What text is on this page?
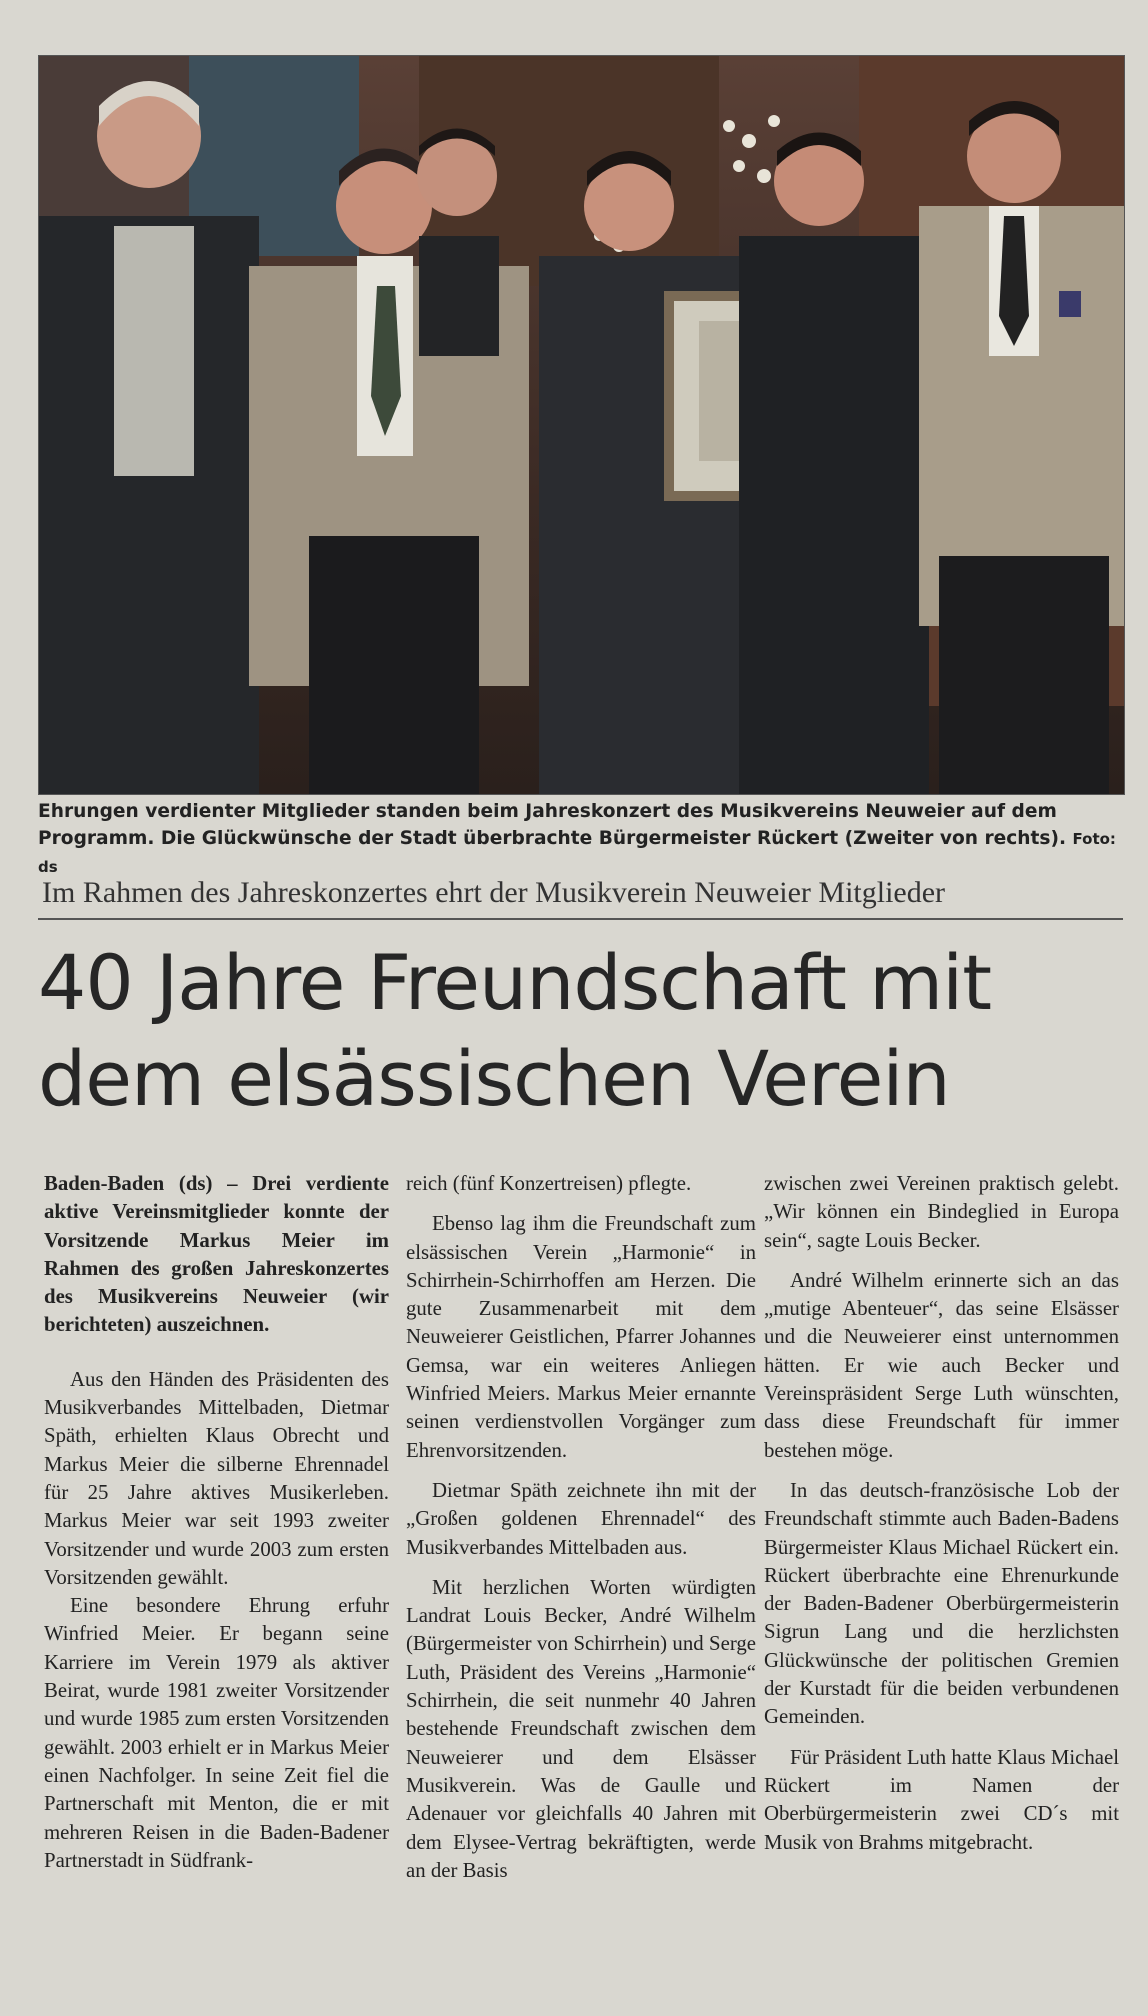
Ehrungen verdienter Mitglieder standen beim Jahreskonzert des Musikvereins Neuweier auf dem Programm. Die Glückwünsche der Stadt überbrachte Bürgermeister Rückert (Zweiter von rechts). Foto: ds
Im Rahmen des Jahreskonzertes ehrt der Musikverein Neuweier Mitglieder
40 Jahre Freundschaft mit
dem elsässischen Verein

Baden-Baden (ds) – Drei verdiente aktive Vereinsmitglieder konnte der Vorsitzende Markus Meier im Rahmen des großen Jahreskonzertes des Musikvereins Neuweier (wir berichteten) auszeichnen.

Aus den Händen des Präsidenten des Musikverbandes Mittelbaden, Dietmar Späth, erhielten Klaus Obrecht und Markus Meier die silberne Ehrennadel für 25 Jahre aktives Musikerleben. Markus Meier war seit 1993 zweiter Vorsitzender und wurde 2003 zum ersten Vorsitzenden gewählt.

Eine besondere Ehrung erfuhr Winfried Meier. Er begann seine Karriere im Verein 1979 als aktiver Beirat, wurde 1981 zweiter Vorsitzender und wurde 1985 zum ersten Vorsitzenden gewählt. 2003 erhielt er in Markus Meier einen Nachfolger. In seine Zeit fiel die Partnerschaft mit Menton, die er mit mehreren Reisen in die Baden-Badener Partnerstadt in Südfrank-

reich (fünf Konzertreisen) pflegte.

Ebenso lag ihm die Freundschaft zum elsässischen Verein „Harmonie“ in Schirrhein-Schirrhoffen am Herzen. Die gute Zusammenarbeit mit dem Neuweierer Geistlichen, Pfarrer Johannes Gemsa, war ein weiteres Anliegen Winfried Meiers. Markus Meier ernannte seinen verdienstvollen Vorgänger zum Ehrenvorsitzenden.

Dietmar Späth zeichnete ihn mit der „Großen goldenen Ehrennadel“ des Musikverbandes Mittelbaden aus.

Mit herzlichen Worten würdigten Landrat Louis Becker, André Wilhelm (Bürgermeister von Schirrhein) und Serge Luth, Präsident des Vereins „Harmonie“ Schirrhein, die seit nunmehr 40 Jahren bestehende Freundschaft zwischen dem Neuweierer und dem Elsässer Musikverein. Was de Gaulle und Adenauer vor gleichfalls 40 Jahren mit dem Elysee-Vertrag bekräftigten, werde an der Basis

zwischen zwei Vereinen praktisch gelebt. „Wir können ein Bindeglied in Europa sein“, sagte Louis Becker.

André Wilhelm erinnerte sich an das „mutige Abenteuer“, das seine Elsässer und die Neuweierer einst unternommen hätten. Er wie auch Becker und Vereinspräsident Serge Luth wünschten, dass diese Freundschaft für immer bestehen möge.

In das deutsch-französische Lob der Freundschaft stimmte auch Baden-Badens Bürgermeister Klaus Michael Rückert ein. Rückert überbrachte eine Ehrenurkunde der Baden-Badener Oberbürgermeisterin Sigrun Lang und die herzlichsten Glückwünsche der politischen Gremien der Kurstadt für die beiden verbundenen Gemeinden.

Für Präsident Luth hatte Klaus Michael Rückert im Namen der Oberbürgermeisterin zwei CD´s mit Musik von Brahms mitgebracht.
